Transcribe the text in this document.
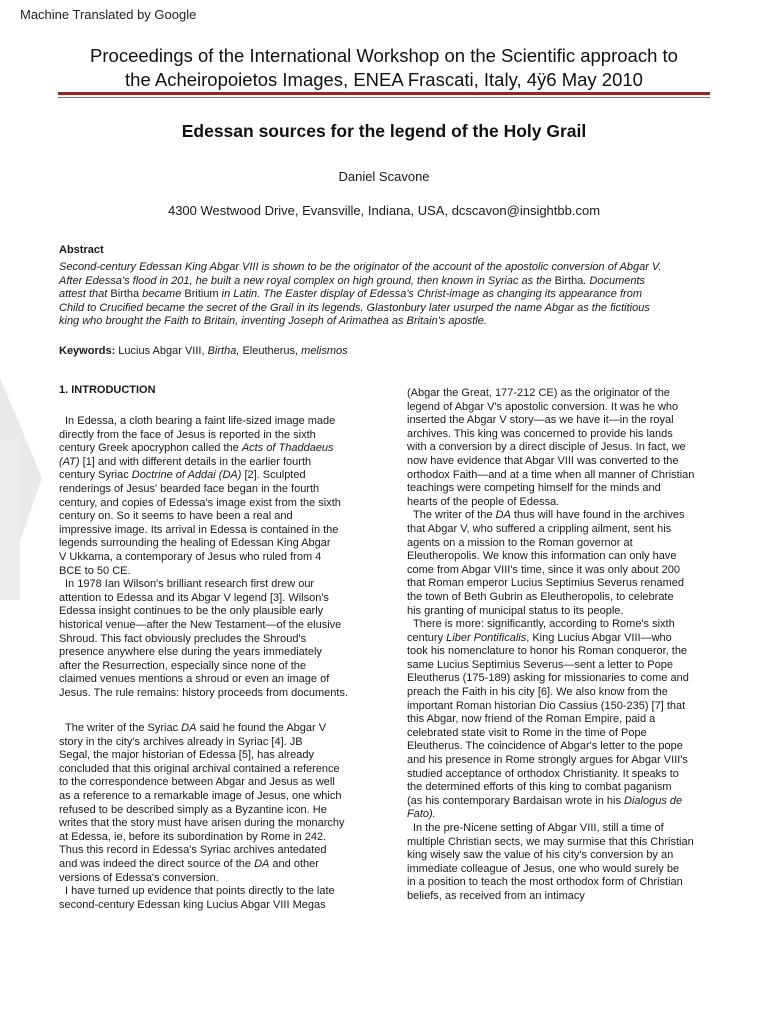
Machine Translated by Google
Proceedings of the International Workshop on the Scientific approach to
the Acheiropoietos Images, ENEA Frascati, Italy, 4ÿ6 May 2010
Edessan sources for the legend of the Holy Grail
Daniel Scavone
4300 Westwood Drive, Evansville, Indiana, USA, dcscavon@insightbb.com
Abstract
Second-century Edessan King Abgar VIII is shown to be the originator of the account of the apostolic conversion of Abgar V.
After Edessa's flood in 201, he built a new royal complex on high ground, then known in Syriac as the Birtha. Documents
attest that Birtha became Britium in Latin. The Easter display of Edessa's Christ-image as changing its appearance from
Child to Crucified became the secret of the Grail in its legends. Glastonbury later usurped the name Abgar as the fictitious
king who brought the Faith to Britain, inventing Joseph of Arimathea as Britain's apostle.
Keywords: Lucius Abgar VIII, Birtha, Eleutherus, melismos
1. INTRODUCTION

In Edessa, a cloth bearing a faint life-sized image made

directly from the face of Jesus is reported in the sixth

century Greek apocryphon called the Acts of Thaddaeus

(AT) [1] and with different details in the earlier fourth

century Syriac Doctrine of Addai (DA) [2]. Sculpted

renderings of Jesus' bearded face began in the fourth

century, and copies of Edessa's image exist from the sixth

century on. So it seems to have been a real and

impressive image. Its arrival in Edessa is contained in the

legends surrounding the healing of Edessan King Abgar

V Ukkama, a contemporary of Jesus who ruled from 4

BCE to 50 CE.

In 1978 Ian Wilson's brilliant research first drew our

attention to Edessa and its Abgar V legend [3]. Wilson's

Edessa insight continues to be the only plausible early

historical venue—after the New Testament—of the elusive

Shroud. This fact obviously precludes the Shroud's

presence anywhere else during the years immediately

after the Resurrection, especially since none of the

claimed venues mentions a shroud or even an image of

Jesus. The rule remains: history proceeds from documents.

The writer of the Syriac DA said he found the Abgar V

story in the city's archives already in Syriac [4]. JB

Segal, the major historian of Edessa [5], has already

concluded that this original archival contained a reference

to the correspondence between Abgar and Jesus as well

as a reference to a remarkable image of Jesus, one which

refused to be described simply as a Byzantine icon. He

writes that the story must have arisen during the monarchy

at Edessa, ie, before its subordination by Rome in 242.

Thus this record in Edessa's Syriac archives antedated

and was indeed the direct source of the DA and other

versions of Edessa's conversion.

I have turned up evidence that points directly to the late

second-century Edessan king Lucius Abgar VIII Megas

(Abgar the Great, 177-212 CE) as the originator of the

legend of Abgar V's apostolic conversion. It was he who

inserted the Abgar V story—as we have it—in the royal

archives. This king was concerned to provide his lands

with a conversion by a direct disciple of Jesus. In fact, we

now have evidence that Abgar VIII was converted to the

orthodox Faith—and at a time when all manner of Christian

teachings were competing himself for the minds and

hearts of the people of Edessa.

The writer of the DA thus will have found in the archives

that Abgar V, who suffered a crippling ailment, sent his

agents on a mission to the Roman governor at

Eleutheropolis. We know this information can only have

come from Abgar VIII's time, since it was only about 200

that Roman emperor Lucius Septimius Severus renamed

the town of Beth Gubrin as Eleutheropolis, to celebrate

his granting of municipal status to its people.

There is more: significantly, according to Rome's sixth

century Liber Pontificalis, King Lucius Abgar VIII—who

took his nomenclature to honor his Roman conqueror, the

same Lucius Septimius Severus—sent a letter to Pope

Eleutherus (175-189) asking for missionaries to come and

preach the Faith in his city [6]. We also know from the

important Roman historian Dio Cassius (150-235) [7] that

this Abgar, now friend of the Roman Empire, paid a

celebrated state visit to Rome in the time of Pope

Eleutherus. The coincidence of Abgar's letter to the pope

and his presence in Rome strongly argues for Abgar VIII's

studied acceptance of orthodox Christianity. It speaks to

the determined efforts of this king to combat paganism

(as his contemporary Bardaisan wrote in his Dialogus de

Fato).

In the pre-Nicene setting of Abgar VIII, still a time of

multiple Christian sects, we may surmise that this Christian

king wisely saw the value of his city's conversion by an

immediate colleague of Jesus, one who would surely be

in a position to teach the most orthodox form of Christian

beliefs, as received from an intimacy
